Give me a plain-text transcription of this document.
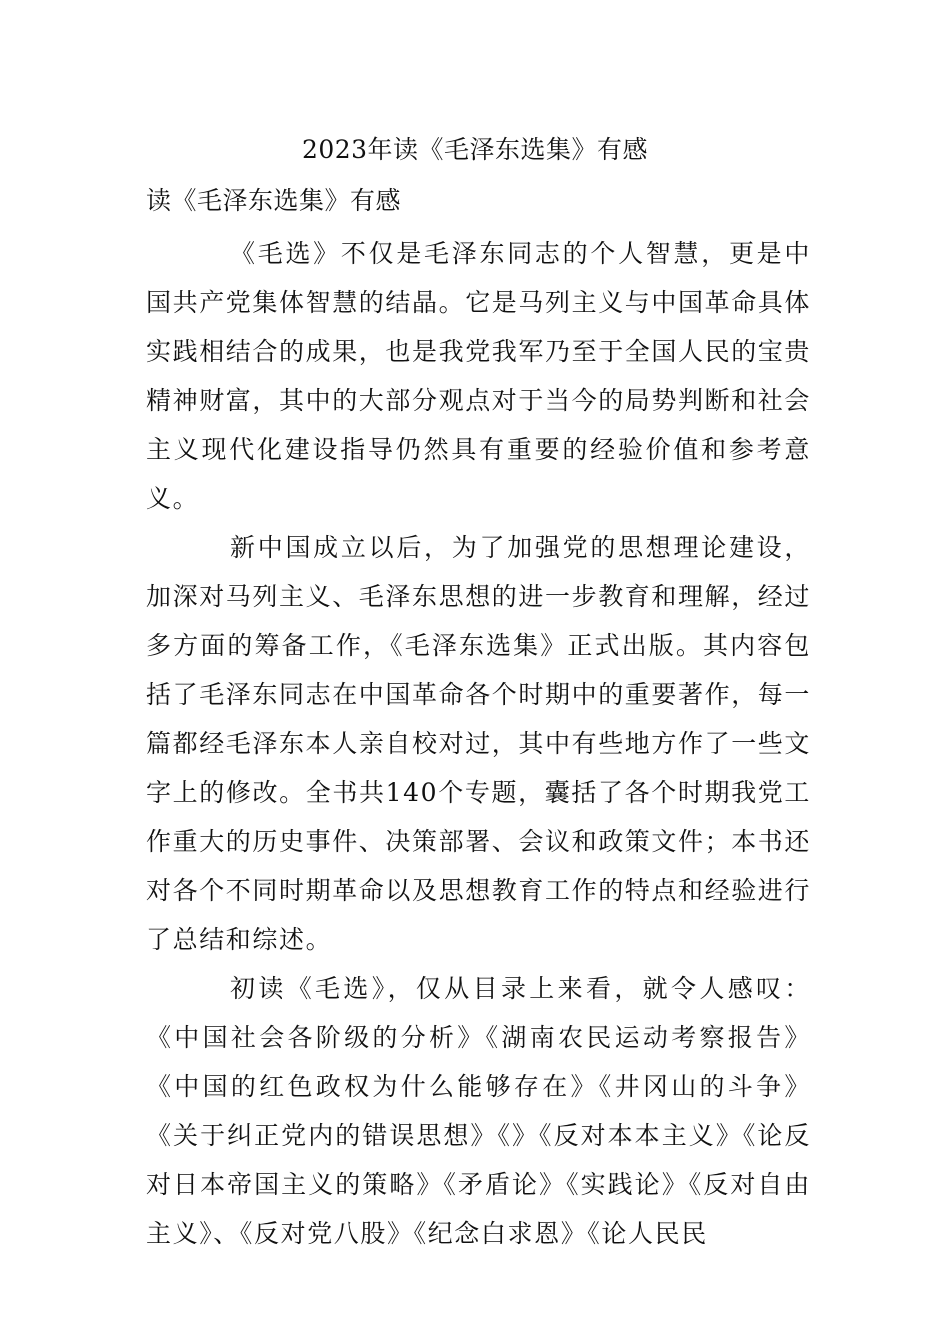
2023年读《毛泽东选集》有感
读《毛泽东选集》有感

《毛选》不仅是毛泽东同志的个人智慧，更是中国共产党集体智慧的结晶。它是马列主义与中国革命具体实践相结合的成果，也是我党我军乃至于全国人民的宝贵精神财富，其中的大部分观点对于当今的局势判断和社会主义现代化建设指导仍然具有重要的经验价值和参考意义。

新中国成立以后，为了加强党的思想理论建设，加深对马列主义、毛泽东思想的进一步教育和理解，经过多方面的筹备工作，《毛泽东选集》正式出版。其内容包括了毛泽东同志在中国革命各个时期中的重要著作，每一篇都经毛泽东本人亲自校对过，其中有些地方作了一些文字上的修改。全书共140个专题，囊括了各个时期我党工作重大的历史事件、决策部署、会议和政策文件；本书还对各个不同时期革命以及思想教育工作的特点和经验进行了总结和综述。

初读《毛选》，仅从目录上来看，就令人感叹：《中国社会各阶级的分析》《湖南农民运动考察报告》《中国的红色政权为什么能够存在》《井冈山的斗争》《关于纠正党内的错误思想》《》《反对本本主义》《论反对日本帝国主义的策略》《矛盾论》《实践论》《反对自由主义》、《反对党八股》《纪念白求恩》《论人民民
